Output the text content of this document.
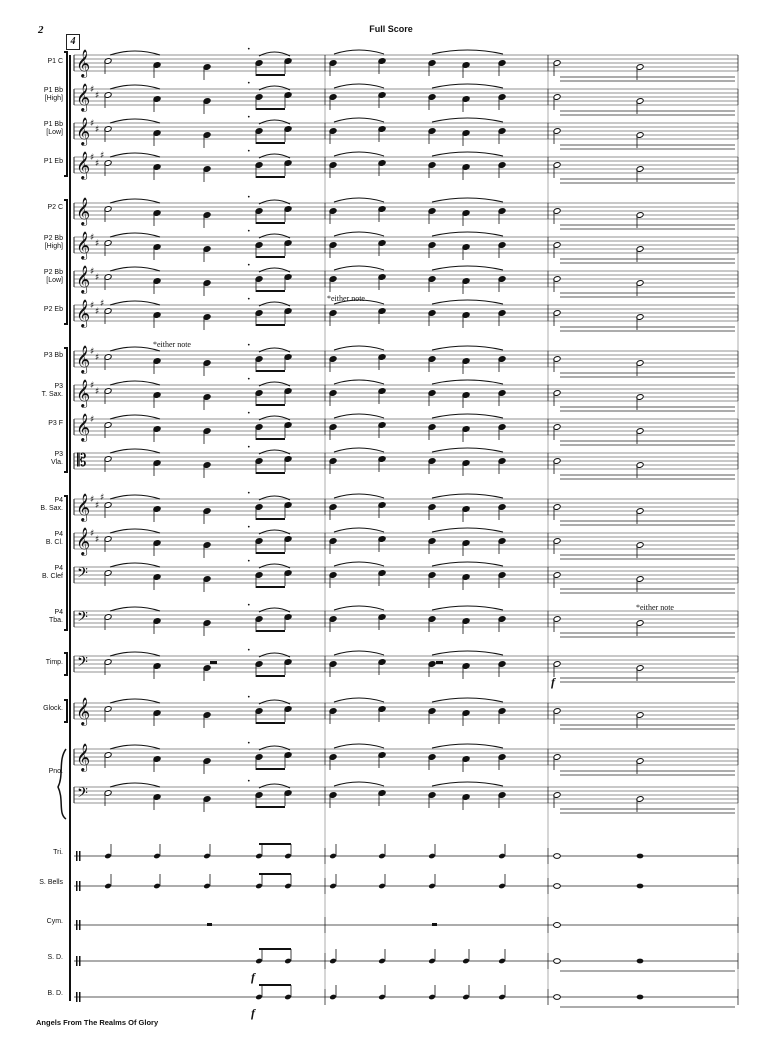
2	Full Score
4
𝄞
𝄞 ♯
♯
𝄞 ♯
♯
𝄞 ♯
♯
♯
𝄞
𝄞 ♯
♯
𝄞 ♯
♯
𝄞 ♯
♯
♯
𝄞 ♯
♯
𝄞 ♯
♯
𝄞 ♯
𝄡
𝄞 ♯
♯
♯
𝄞 ♯
♯
𝄢
𝄢
𝄢
𝄞
𝄞
𝄢
•
•
•
•
•
•
•
•
•
•
•
•
•
•
•
•
•
•
•
•
P1 C
P1 Bb
[High]
P1 Bb
[Low]
P1 Eb
P2 C
P2 Bb
[High]
P2 Bb
[Low]
P2 Eb
P3 Bb
P3
T. Sax.
P3 F
P3
Vla.
P4
B. Sax.
P4
B. Cl.
P4
B. Clef
P4
Tba.
Timp.
Glock.
Pno.
Tri.
S. Bells
Cym.
S. D.
B. D.
*either note
*either note
*either note
f
f
f
Angels From The Realms Of Glory
